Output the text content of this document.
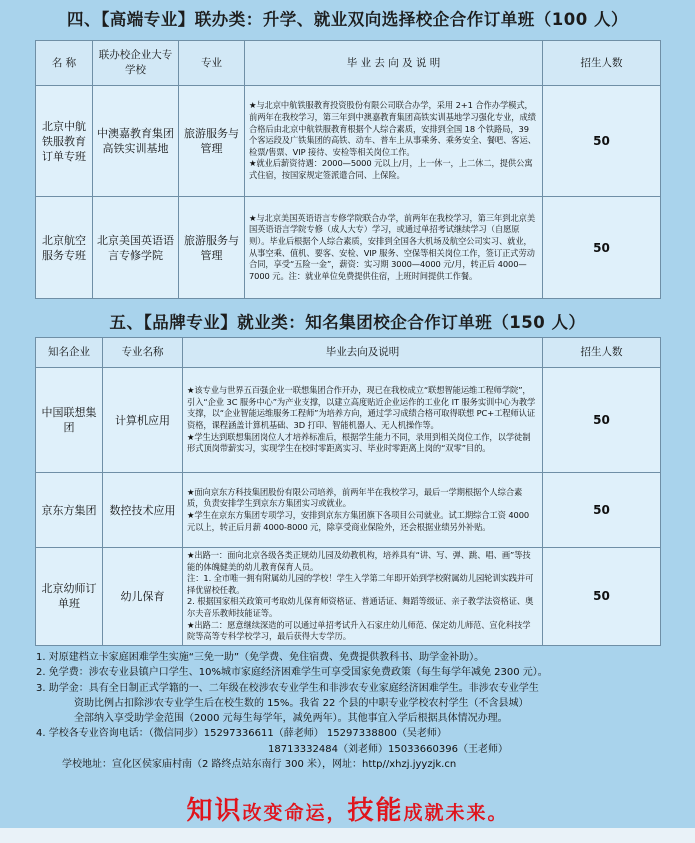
四、【高端专业】联办类：升学、就业双向选择校企合作订单班（100 人）
名 称	联办校企业大专学校	专业	毕 业 去 向 及 说 明	招生人数
北京中航铁服教育订单专班	中澳嘉教育集团高铁实训基地	旅游服务与管理	★与北京中航铁服教育投资股份有限公司联合办学，采用 2+1 合作办学模式，前两年在我校学习，第三年到中澳嘉教育集团高铁实训基地学习强化专业，成绩合格后由北京中航铁服教育根据个人综合素质，安排到全国 18 个铁路局，39 个客运段及广铁集团的高铁、动车、普车上从事乘务、乘务安全、餐吧、客运、检票/售票、VIP 接待、安检等相关岗位工作。
★就业后薪资待遇：2000—5000 元以上/月，上一休一，上二休二，提供公寓式住宿，按国家规定签派遣合同、上保险。	50
北京航空服务专班	北京美国英语语言专修学院	旅游服务与管理	★与北京美国英语语言专修学院联合办学，前两年在我校学习，第三年到北京美国英语语言学院专修（成人大专）学习，或通过单招考试继续学习（自愿原则）。毕业后根据个人综合素质，安排到全国各大机场及航空公司实习、就业，从事空乘、值机、要客、安检、VIP 服务、空保等相关岗位工作，签订正式劳动合同，享受“五险一金”，薪资：实习期 3000—4000 元/月，转正后 4000—7000 元。注：就业单位免费提供住宿，上班时间提供工作餐。	50
五、【品牌专业】就业类：知名集团校企合作订单班（150 人）
知名企业	专业名称	毕业去向及说明	招生人数
中国联想集团	计算机应用	★该专业与世界五百强企业一联想集团合作开办，现已在我校成立“联想智能运维工程师学院”，引入“企业 3C 服务中心”为产业支撑，以建立高度贴近企业运作的工业化 IT 服务实训中心为教学支撑，以“企业智能运维服务工程师”为培养方向，通过学习成绩合格可取得联想 PC+工程师认证资格，课程涵盖计算机基础、3D 打印、智能机器人、无人机操作等。
★学生达到联想集团岗位人才培养标准后，根据学生能力不同，录用到相关岗位工作，以学徒制形式顶岗带薪实习，实现学生在校时零距离实习、毕业时零距离上岗的“双零”目的。	50
京东方集团	数控技术应用	★面向京东方科技集团股份有限公司培养，前两年半在我校学习，最后一学期根据个人综合素质，负责安排学生到京东方集团实习或就业。
★学生在京东方集团专项学习，安排到京东方集团旗下各项目公司就业。试工期综合工资 4000 元以上，转正后月薪 4000-8000 元，除享受商业保险外，还会根据业绩另外补贴。	50
北京幼师订单班	幼儿保育	★出路一：面向北京各级各类正规幼儿园及幼教机构，培养具有“讲、写、弹、跳、唱、画”等技能的体魄健美的幼儿教育保育人员。
注：1. 全市唯一拥有附属幼儿园的学校！学生入学第二年即开始到学校附属幼儿园轮训实践并可择优留校任教。
2. 根据国家相关政策可考取幼儿保育师资格证、普通话证、舞蹈等级证、亲子教学法资格证、奥尔夫音乐教师技能证等。
★出路二：愿意继续深造的可以通过单招考试升入石家庄幼儿师范、保定幼儿师范、宣化科技学院等高等专科学校学习，最后获得大专学历。	50
1. 对原建档立卡家庭困难学生实施“三免一助”（免学费、免住宿费、免费提供教科书、助学金补助）。
2. 免学费：涉农专业县镇户口学生、10%城市家庭经济困难学生可享受国家免费政策（每生每学年减免 2300 元）。
3. 助学金：具有全日制正式学籍的一、二年级在校涉农专业学生和非涉农专业家庭经济困难学生。非涉农专业学生
资助比例占扣除涉农专业学生后在校生数的 15%。我省 22 个县的中职专业学校农村学生（不含县城）
全部纳入享受助学金范围（2000 元每生每学年，减免两年）。其他事宜入学后根据具体情况办理。
4. 学校各专业咨询电话：（微信同步）15297336611（薛老师） 15297338800（吴老师）
18713332484（刘老师）15033660396（王老师）
学校地址：宣化区侯家庙村南（2 路终点站东南行 300 米），网址：http//xhzj.jyyzjk.cn
知识改变命运，技能成就未来。
